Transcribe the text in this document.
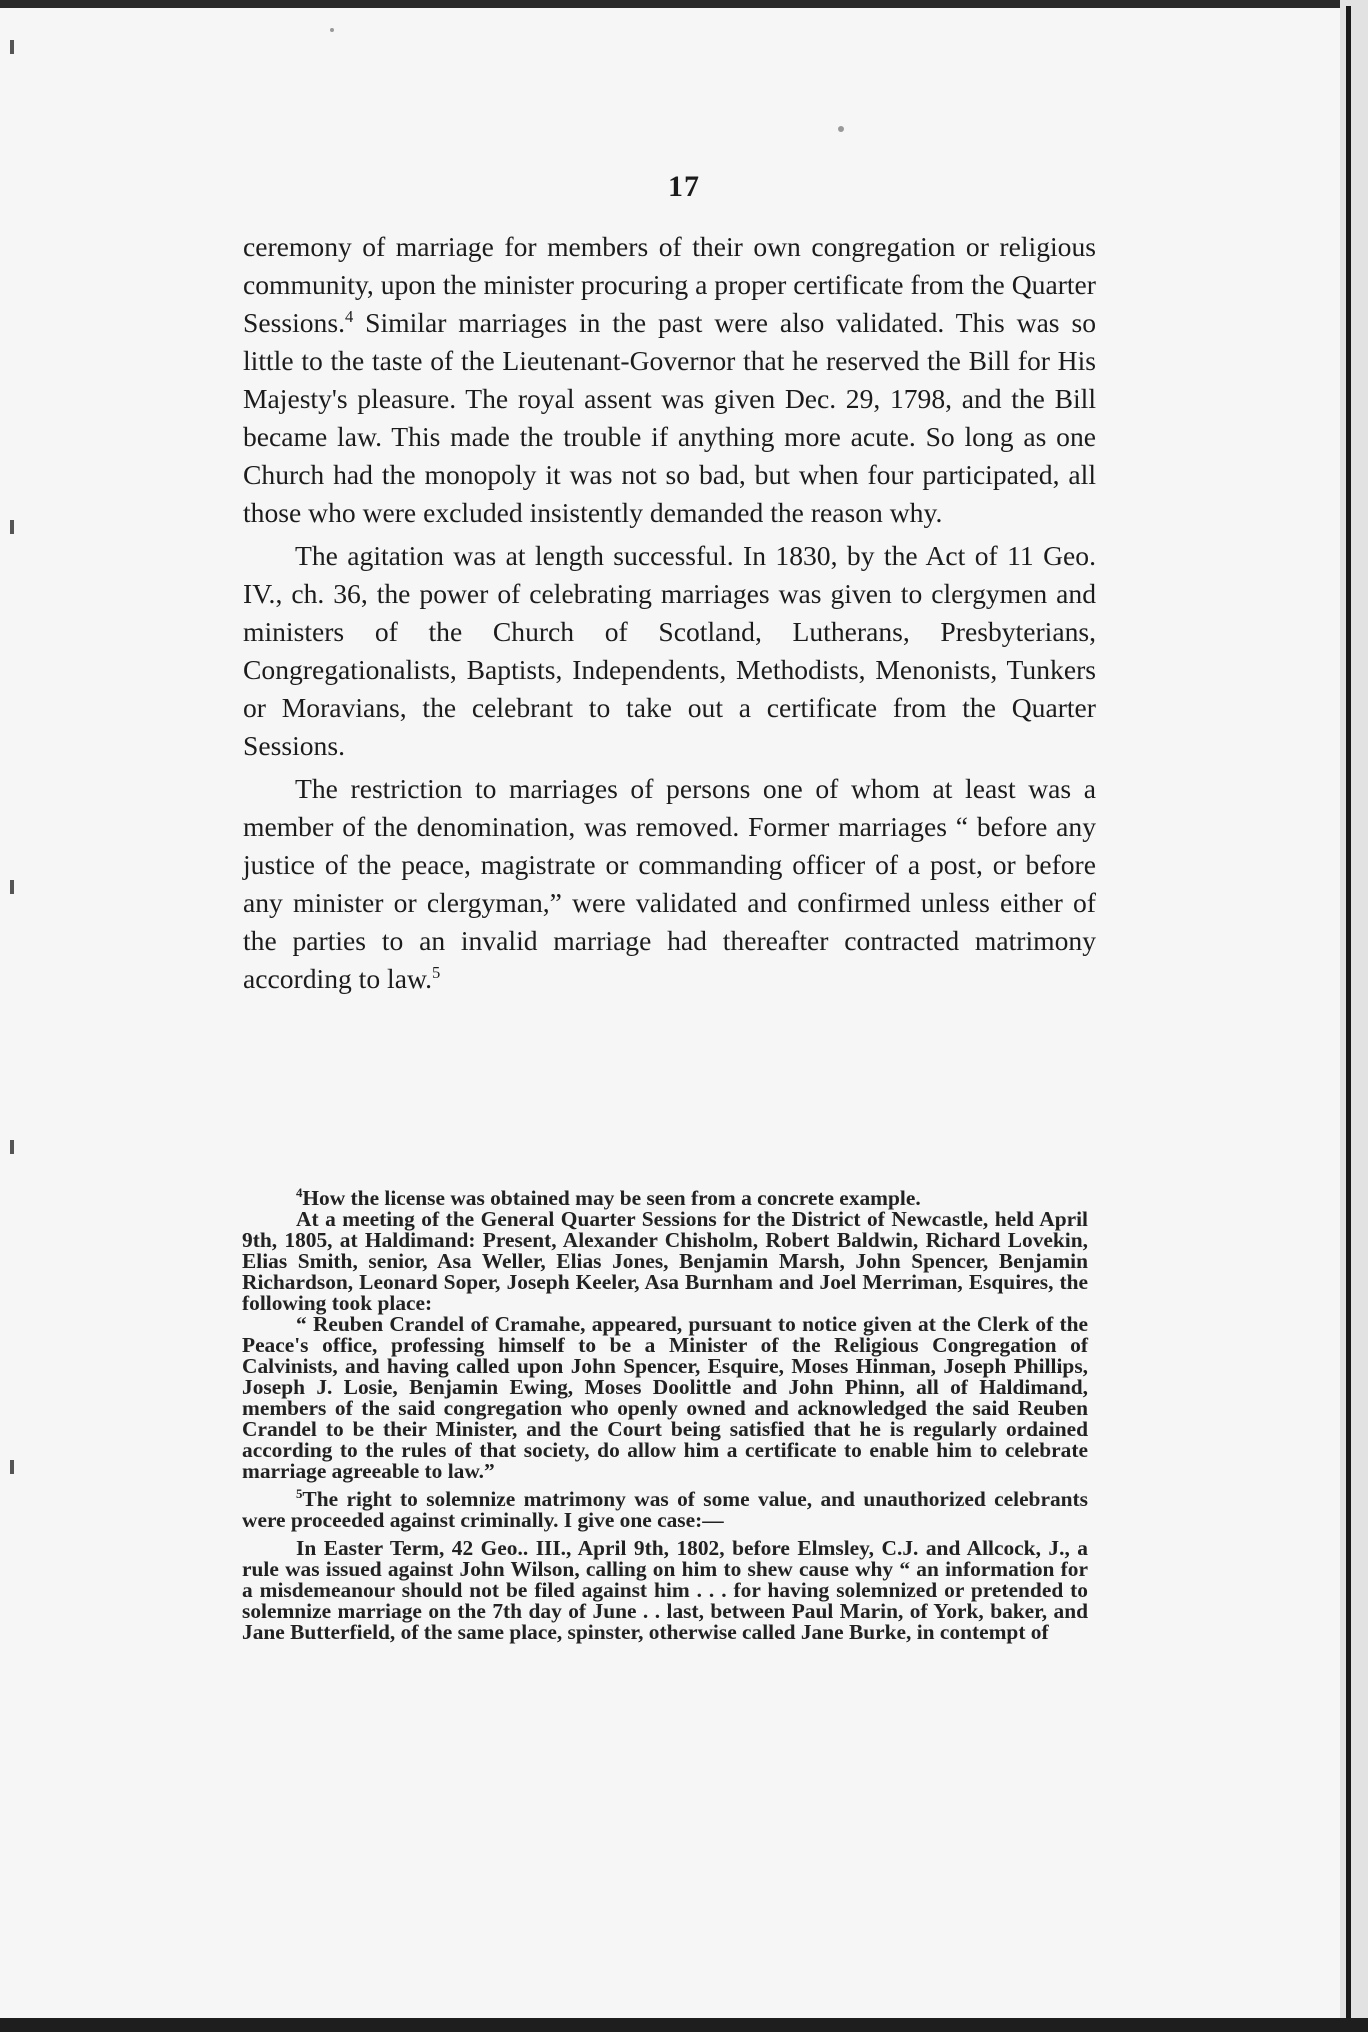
17

ceremony of marriage for members of their own congregation or religious community, upon the minister procuring a proper certificate from the Quarter Sessions.$^4$ Similar marriages in the past were also validated. This was so little to the taste of the Lieutenant-Governor that he reserved the Bill for His Majesty's pleasure. The royal assent was given Dec. 29, 1798, and the Bill became law. This made the trouble if anything more acute. So long as one Church had the monopoly it was not so bad, but when four participated, all those who were excluded insistently demanded the reason why.

The agitation was at length successful. In 1830, by the Act of 11 Geo. IV., ch. 36, the power of celebrating marriages was given to clergymen and ministers of the Church of Scotland, Lutherans, Presbyterians, Congregationalists, Baptists, Independents, Methodists, Menonists, Tunkers or Moravians, the celebrant to take out a certificate from the Quarter Sessions.

The restriction to marriages of persons one of whom at least was a member of the denomination, was removed. Former marriages “ before any justice of the peace, magistrate or commanding officer of a post, or before any minister or clergyman,” were validated and confirmed unless either of the parties to an invalid marriage had thereafter contracted matrimony according to law.$^5$

$^4$How the license was obtained may be seen from a concrete example.

At a meeting of the General Quarter Sessions for the District of Newcastle, held April 9th, 1805, at Haldimand: Present, Alexander Chisholm, Robert Baldwin, Richard Lovekin, Elias Smith, senior, Asa Weller, Elias Jones, Benjamin Marsh, John Spencer, Benjamin Richardson, Leonard Soper, Joseph Keeler, Asa Burnham and Joel Merriman, Esquires, the following took place:

“ Reuben Crandel of Cramahe, appeared, pursuant to notice given at the Clerk of the Peace's office, professing himself to be a Minister of the Religious Congregation of Calvinists, and having called upon John Spencer, Esquire, Moses Hinman, Joseph Phillips, Joseph J. Losie, Benjamin Ewing, Moses Doolittle and John Phinn, all of Haldimand, members of the said congregation who openly owned and acknowledged the said Reuben Crandel to be their Minister, and the Court being satisfied that he is regularly ordained according to the rules of that society, do allow him a certificate to enable him to celebrate marriage agreeable to law.”

$^5$The right to solemnize matrimony was of some value, and unauthorized celebrants were proceeded against criminally. I give one case:—

In Easter Term, 42 Geo.. III., April 9th, 1802, before Elmsley, C.J. and Allcock, J., a rule was issued against John Wilson, calling on him to shew cause why “ an information for a misdemeanour should not be filed against him . . . for having solemnized or pretended to solemnize marriage on the 7th day of June . . last, between Paul Marin, of York, baker, and Jane Butterfield, of the same place, spinster, otherwise called Jane Burke, in contempt of
